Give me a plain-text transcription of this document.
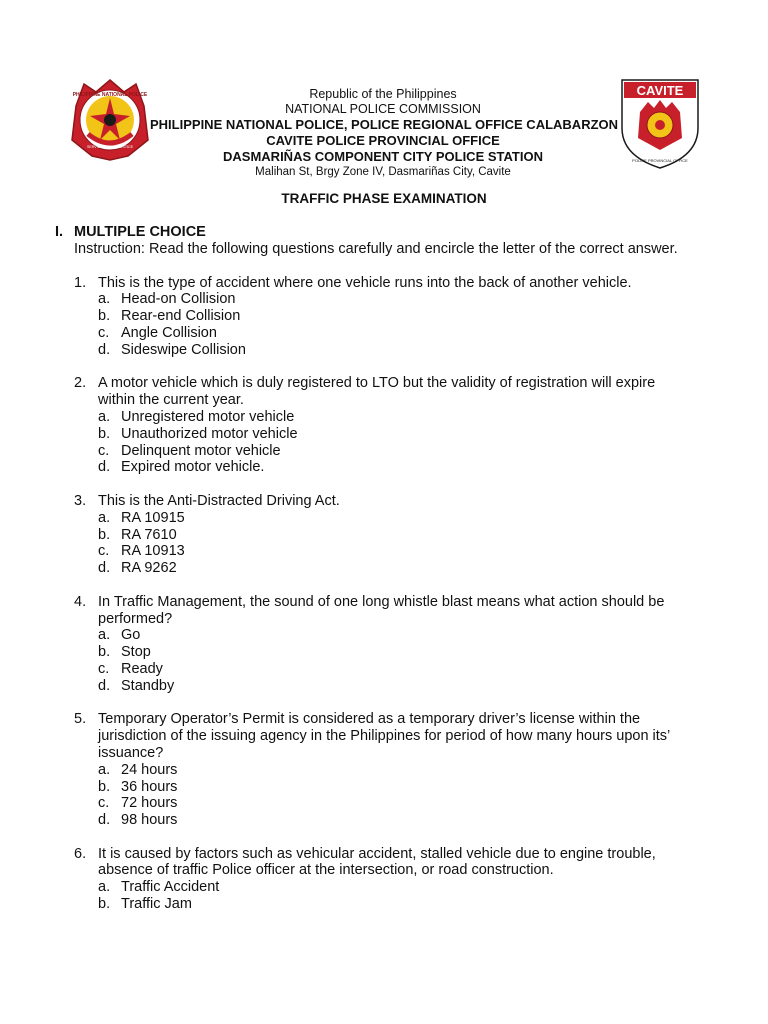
PHILIPPINE NATIONAL POLICE
SERVICE HONOR JUSTICE
Republic of the Philippines
NATIONAL POLICE COMMISSION
PHILIPPINE NATIONAL POLICE, POLICE REGIONAL OFFICE CALABARZON
CAVITE POLICE PROVINCIAL OFFICE
DASMARIÑAS COMPONENT CITY POLICE STATION
Malihan St, Brgy Zone IV, Dasmariñas City, Cavite
CAVITE
POLICE PROVINCIAL OFFICE
TRAFFIC PHASE EXAMINATION
I. MULTIPLE CHOICE

Instruction: Read the following questions carefully and encircle the letter of the correct answer.

1. This is the type of accident where one vehicle runs into the back of another vehicle.
a. Head-on Collision
b. Rear-end Collision
c. Angle Collision
d. Sideswipe Collision
2. A motor vehicle which is duly registered to LTO but the validity of registration will expire within the current year.
a. Unregistered motor vehicle
b. Unauthorized motor vehicle
c. Delinquent motor vehicle
d. Expired motor vehicle.
3. This is the Anti-Distracted Driving Act.
a. RA 10915
b. RA 7610
c. RA 10913
d. RA 9262
4. In Traffic Management, the sound of one long whistle blast means what action should be performed?
a. Go
b. Stop
c. Ready
d. Standby
5. Temporary Operator’s Permit is considered as a temporary driver’s license within the jurisdiction of the issuing agency in the Philippines for period of how many hours upon its’ issuance?
a. 24 hours
b. 36 hours
c. 72 hours
d. 98 hours
6. It is caused by factors such as vehicular accident, stalled vehicle due to engine trouble, absence of traffic Police officer at the intersection, or road construction.
a. Traffic Accident
b. Traffic Jam
